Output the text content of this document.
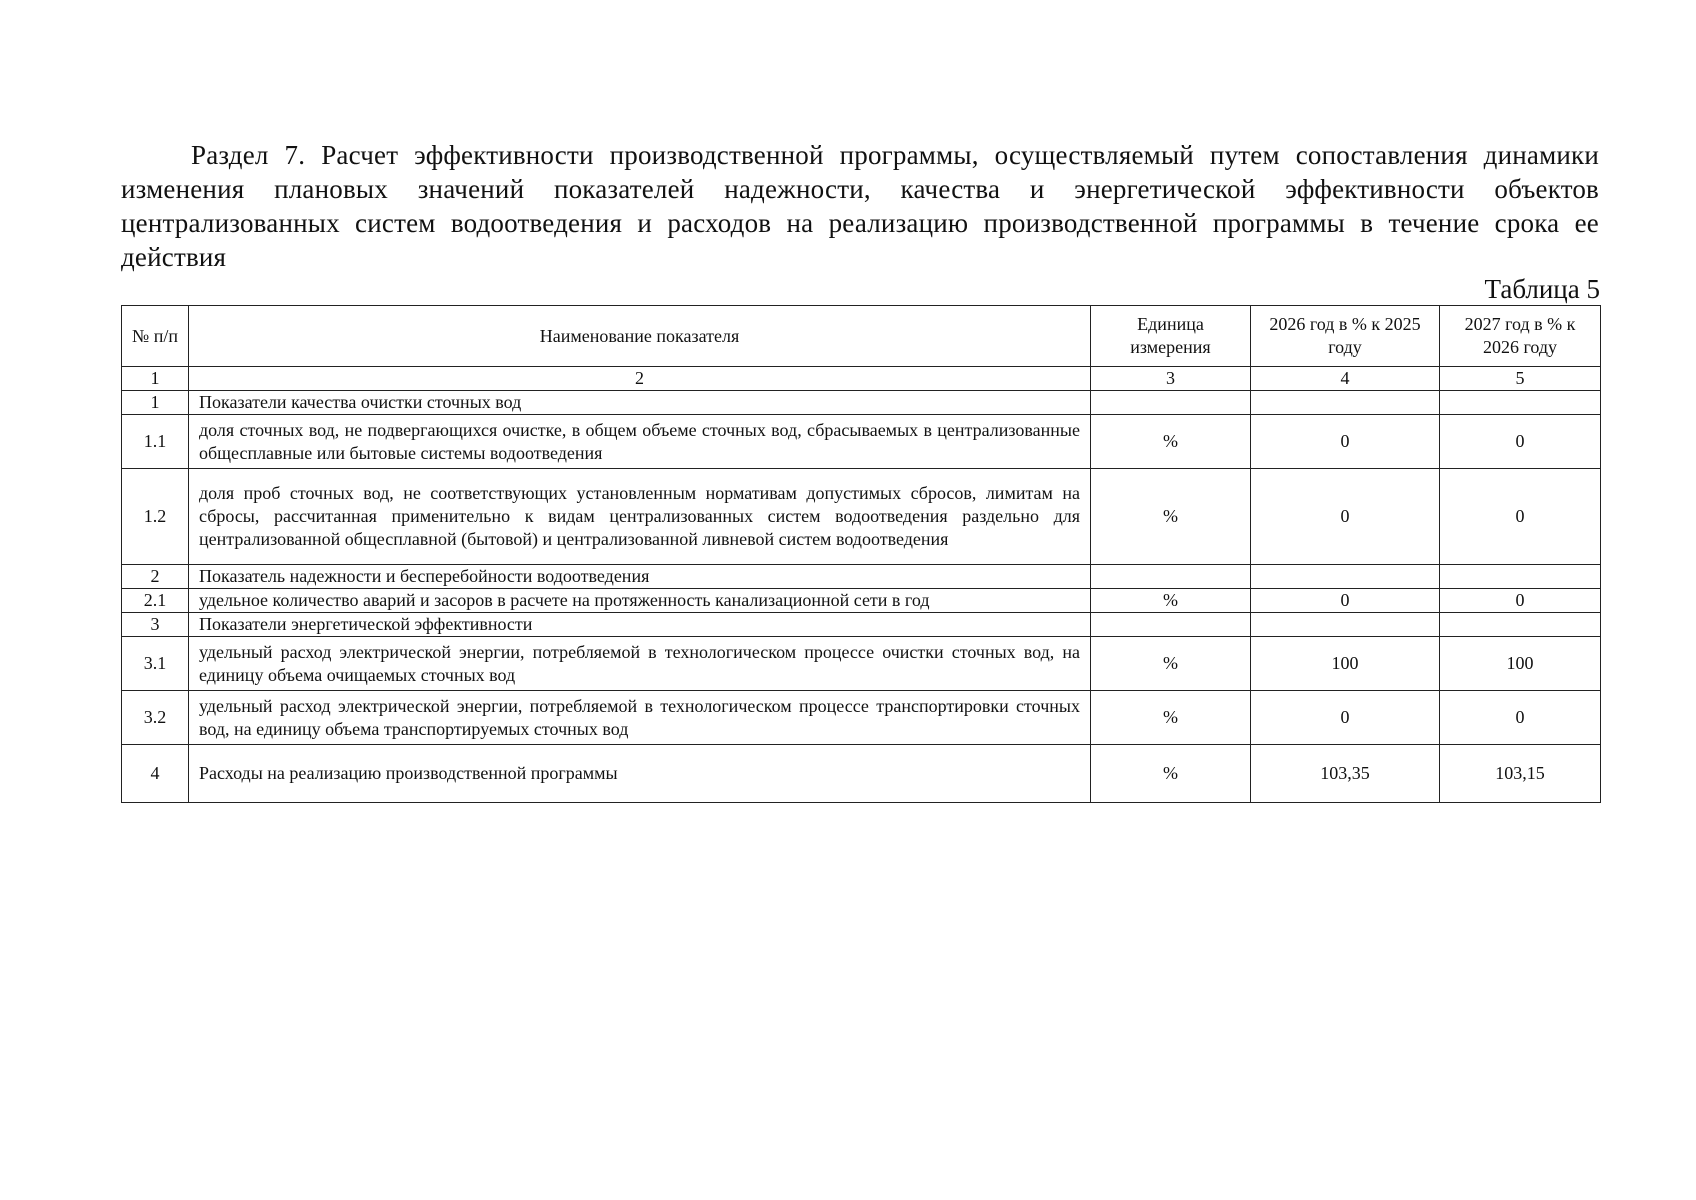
Раздел 7. Расчет эффективности производственной программы, осуществляемый путем сопоставления динамики изменения плановых значений показателей надежности, качества и энергетической эффективности объектов централизованных систем водоотведения и расходов на реализацию производственной программы в течение срока ее действия
Таблица 5
№ п/п	Наименование показателя	Единица измерения	2026 год в % к 2025 году	2027 год в % к 2026 году
1	2	3	4	5
1	Показатели качества очистки сточных вод			
1.1	доля сточных вод, не подвергающихся очистке, в общем объеме сточных вод, сбрасываемых в централизованные общесплавные или бытовые системы водоотведения	%	0	0
1.2	доля проб сточных вод, не соответствующих установленным нормативам допустимых сбросов, лимитам на сбросы, рассчитанная применительно к видам централизованных систем водоотведения раздельно для централизованной общесплавной (бытовой) и централизованной ливневой систем водоотведения	%	0	0
2	Показатель надежности и бесперебойности водоотведения			
2.1	удельное количество аварий и засоров в расчете на протяженность канализационной сети в год	%	0	0
3	Показатели энергетической эффективности			
3.1	удельный расход электрической энергии, потребляемой в технологическом процессе очистки сточных вод, на единицу объема очищаемых сточных вод	%	100	100
3.2	удельный расход электрической энергии, потребляемой в технологическом процессе транспортировки сточных вод, на единицу объема транспортируемых сточных вод	%	0	0
4	Расходы на реализацию производственной программы	%	103,35	103,15
